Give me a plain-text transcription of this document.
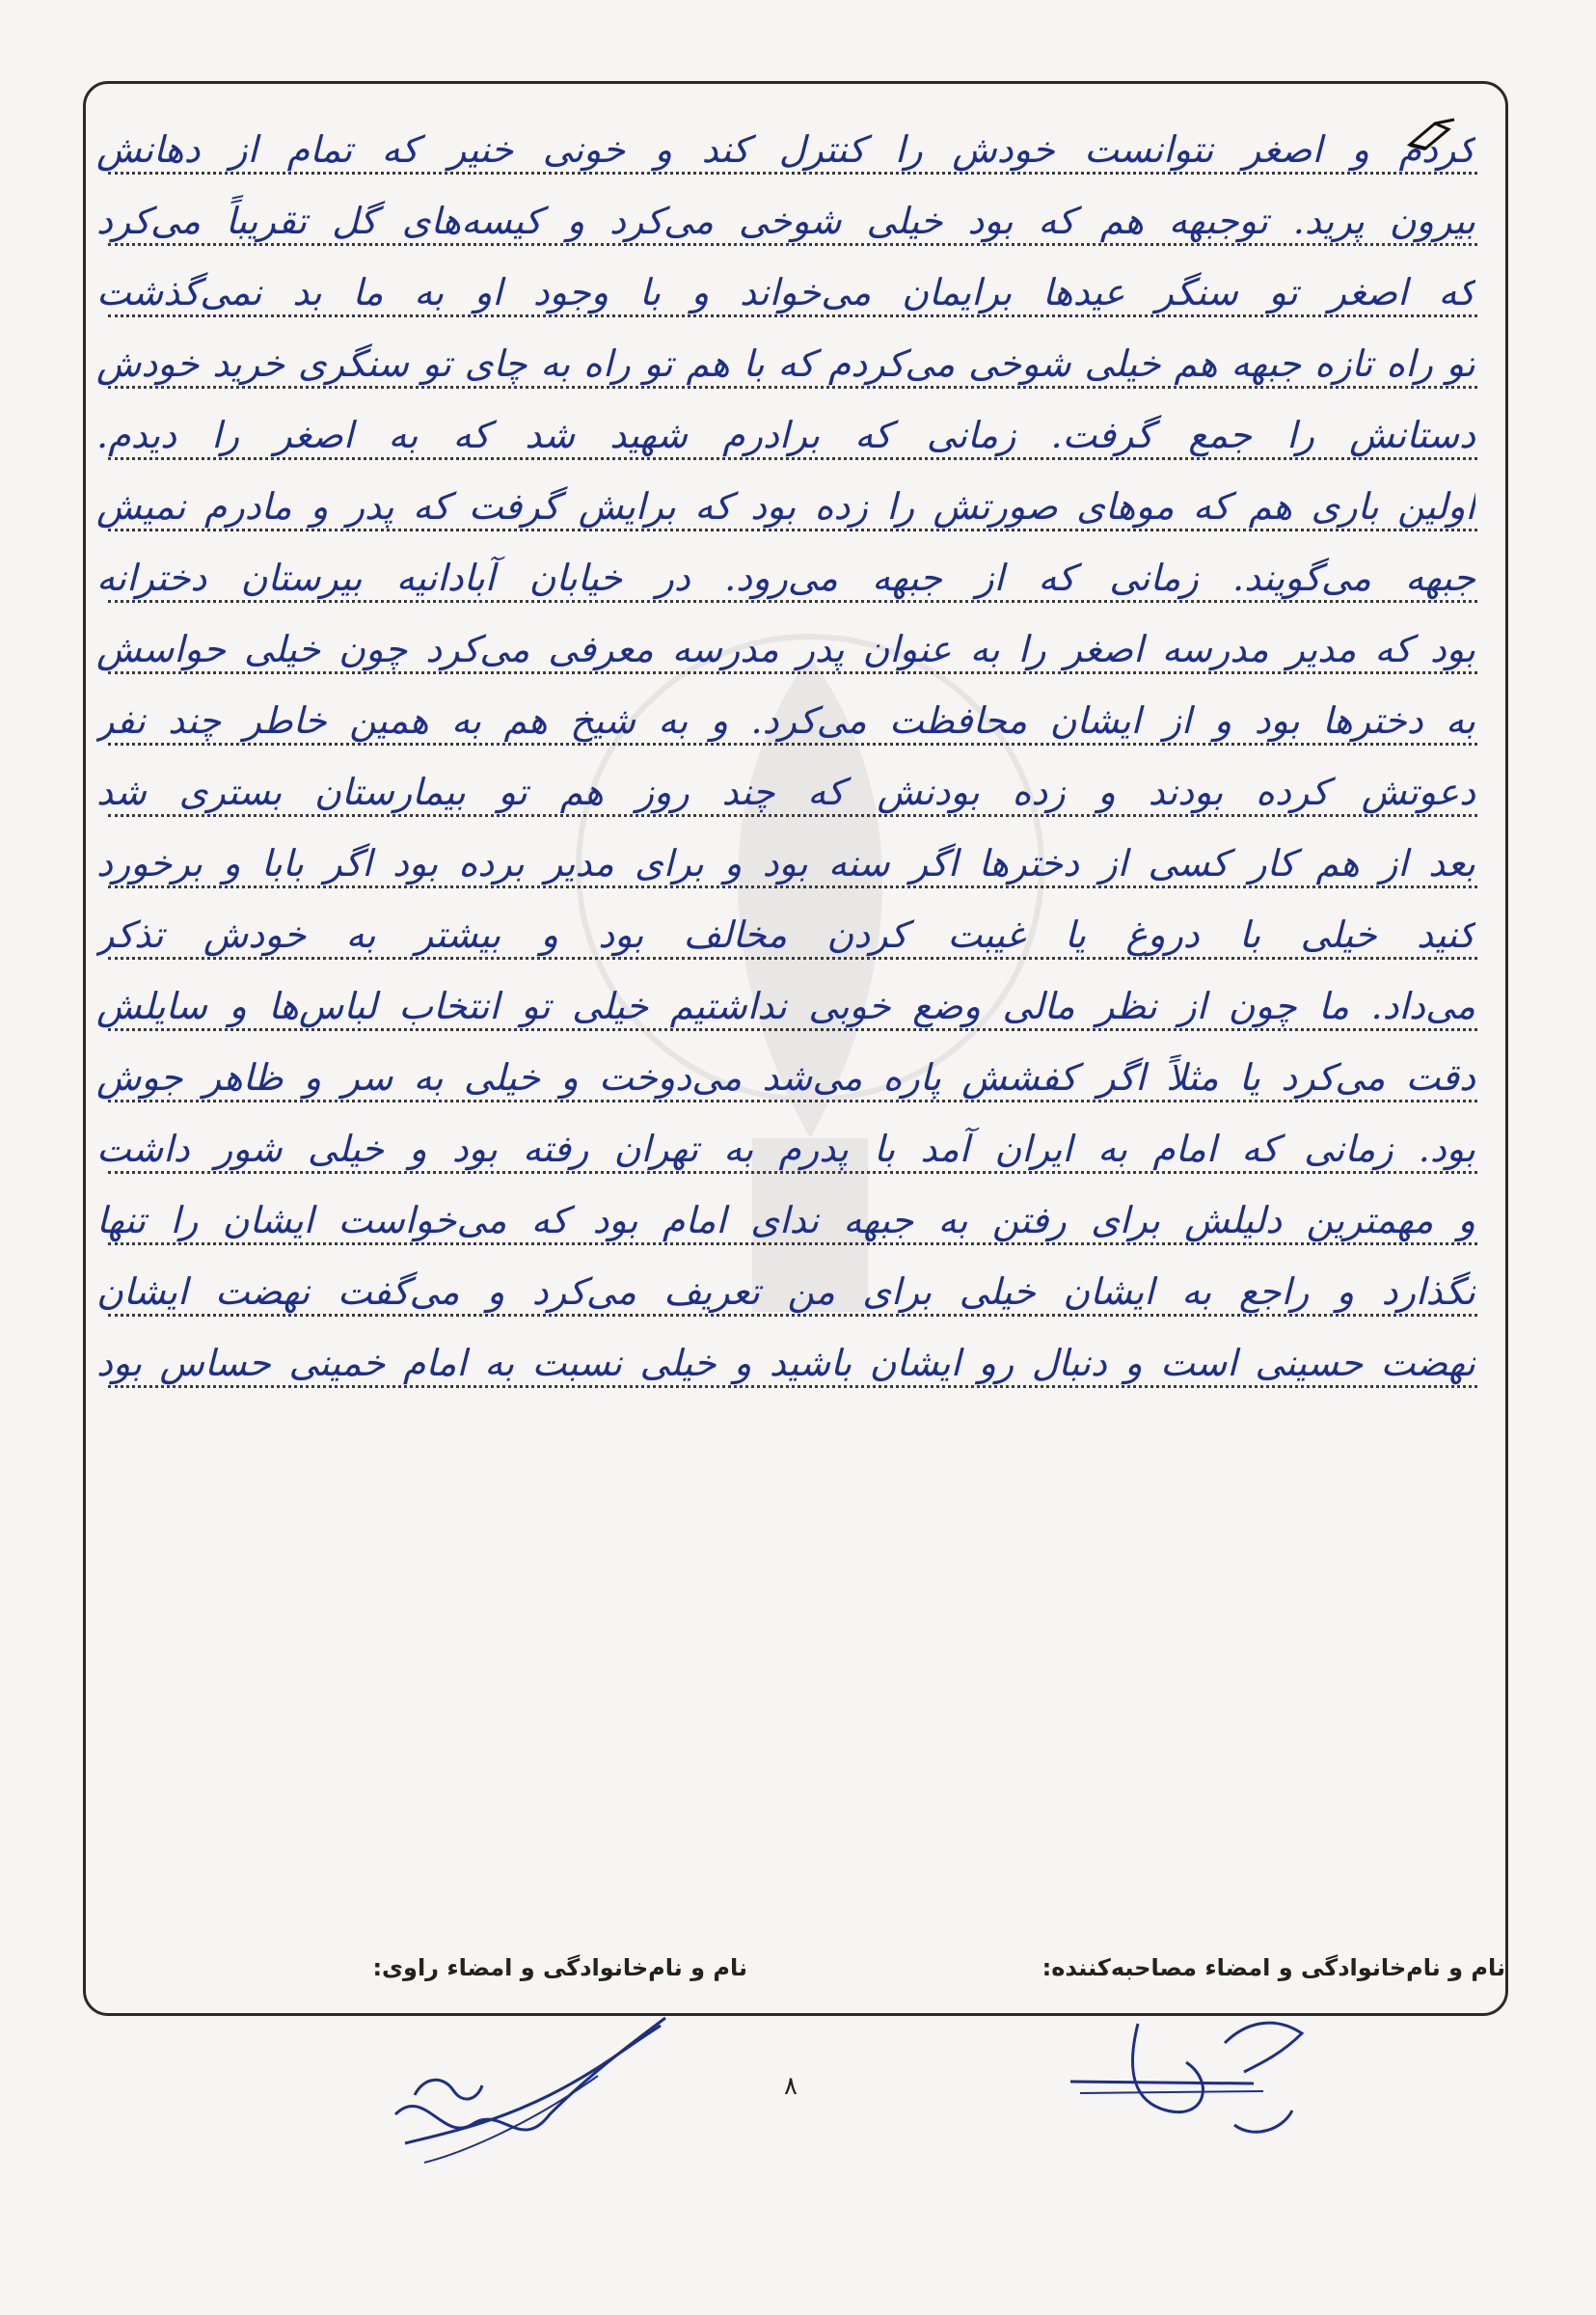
کردم و اصغر نتوانست خودش را کنترل کند و خونی خنیر که تمام از دهانش
بیرون پرید. توجبهه هم که بود خیلی شوخی می‌کرد و کیسه‌های گل تقریباً می‌کرد
که اصغر تو سنگر عیدها برایمان می‌خواند و با وجود او به ما بد نمی‌گذشت
تو راه تازه جبهه هم خیلی شوخی می‌کردم که با هم تو راه به چای تو سنگری خرید خودش
دستانش را جمع گرفت. زمانی که برادرم شهید شد که به اصغر را دیدم.
اولین باری هم که موهای صورتش را زده بود که برایش گرفت که پدر و مادرم نمیش
جبهه می‌گویند. زمانی که از جبهه می‌رود. در خیابان آبادانیه بیرستان دخترانه
بود که مدیر مدرسه اصغر را به عنوان پدر مدرسه معرفی می‌کرد چون خیلی حواسش
به دخترها بود و از ایشان محافظت می‌کرد. و به شیخ هم به همین خاطر چند نفر
دعوتش کرده بودند و زده بودنش که چند روز هم تو بیمارستان بستری شد
بعد از هم کار کسی از دخترها اگر سنه بود و برای مدیر برده بود اگر بابا و برخورد
کنید خیلی با دروغ یا غیبت کردن مخالف بود و بیشتر به خودش تذکر
می‌داد. ما چون از نظر مالی وضع خوبی نداشتیم خیلی تو انتخاب لباس‌ها و سایلش
دقت می‌کرد یا مثلاً اگر کفشش پاره می‌شد می‌دوخت و خیلی به سر و ظاهر جوش
بود. زمانی که امام به ایران آمد با پدرم به تهران رفته بود و خیلی شور داشت
و مهمترین دلیلش برای رفتن به جبهه ندای امام بود که می‌خواست ایشان را تنها
نگذارد و راجع به ایشان خیلی برای من تعریف می‌کرد و می‌گفت نهضت ایشان
نهضت حسینی است و دنبال رو ایشان باشید و خیلی نسبت به امام خمینی حساس بود
نام و نام‌خانوادگی و امضاء مصاحبه‌کننده:
نام و نام‌خانوادگی و امضاء راوی:
۸
